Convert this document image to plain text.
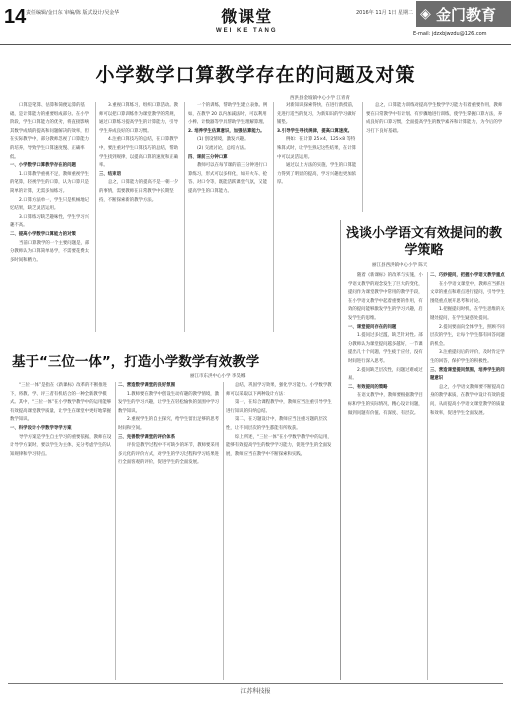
14 责任编辑/金日东 审编/陈 版式设计/吴金华	微课堂
WEI KE TANG
2016年 11月 1日 星期二 ◈ 金门教育
E-mail: jdzxbjwzdu@126.com
小学数学口算教学存在的问题及对策
西洪县金坡镇中心小学 江青青

口算是笔算、估算和简便运算的基础，是计算能力的重要组成部分。在小学阶段，学生口算能力的优劣，将直接影响其数学成绩的提高和问题解决的效率，但在实际教学中，部分教师忽视了口算能力的培养，导致学生口算速度慢、正确率低。

一、小学数学口算教学存在的问题

1.口算教学重视不足，教师重视学生的笔算，轻视学生的口算，认为口算只是简单的计算，无需多加练习。

2.口算方法单一，学生只是机械地记忆结果，缺乏灵活运用。

3.口算练习缺乏趣味性，学生学习兴趣不高。

二、提高小学数学口算能力的对策

当前口算教学的一个主要问题是，部分教师认为口算简单易学，不需要花费太多时间和精力。

3.重视口算练习，组织口算活动。教师可以把口算训练作为课堂教学的常规，通过口算练习提高学生的计算能力，引导学生养成良好的口算习惯。

4.注重口算技巧的总结，在口算教学中，要注重对学生口算技巧的总结，帮助学生找到规律，以提高口算的速度和正确率。

三、结束语

总之，口算能力的提高不是一朝一夕的事情，需要教师在日常教学中长期坚持，不断探索新的教学方法。

一个的训练，帮助学生建立表象。例如，在教学 20 以内加减法时，可以利用小棒、计数器等学具帮助学生理解算理。

2. 培养学生估算意识，加强估算能力。

(1) 创设情境，激发兴趣。

(2) 交流讨论，总结方法。

四、课前三分钟口算

教师可以在每节课的前三分钟进行口算练习，形式可以多样化，如开火车、抢答、对口令等，既能活跃课堂气氛，又能提高学生的口算能力。

对新知识探索得快，在进行新授前，先进行适当的复习，为新知识的学习做好铺垫。

3.引导学生寻找规律，提高口算速度。

例如：在计算 25×4、125×8 等特殊算式时，让学生熟记这些结果，在计算中可以灵活运用。

通过以上方法的实施，学生的口算能力得到了明显的提高，学习兴趣也更加浓厚。

总之，口算能力训练对提高学生数学学习能力有着重要作用，教师要在日常教学中有计划、有步骤地进行训练，使学生掌握口算方法，养成良好的口算习惯，全面提高学生的数学素养和计算能力，为今后的学习打下良好基础。

浅谈小学语文有效提问的教学策略
丽江县西洪镇中心小学 陈天

随着《新课标》的改革与实施，小学语文教学的观念发生了巨大的变化，提问作为课堂教学中常用的教学手段，在小学语文教学中起着重要的作用，有效的提问能够激发学生的学习兴趣，启发学生的思维。

一、课堂提问存在的问题

1.提问过多过滥，缺乏针对性。部分教师认为课堂提问越多越好，一节课提出几十个问题，学生疲于应付，没有时间进行深入思考。

2.提问缺乏层次性，问题过难或过易。

二、有效提问的策略

在语文教学中，教师要根据教学目标和学生的实际情况，精心设计问题，做到问题有价值、有深度、有层次。

二、巧妙提问，把握小学语文教学重点

在小学语文课堂中，教师应当抓住文章的重点和难点进行提问，引导学生围绕重点展开思考和讨论。

1.把握提问时机，在学生思维的关键处提问，在学生疑惑处提问。

2.提问要面向全体学生，照顾不同层次的学生，让每个学生都有回答问题的机会。

3.注重提问后的评价，及时肯定学生的回答，保护学生的积极性。

三、营造课堂提问氛围，培养学生的问题意识

总之，小学语文教师要不断提高自身的教学素质，在教学中设计有效的提问，从而提高小学语文课堂教学的质量和效率，促进学生全面发展。

基于“三位一体”，打造小学数学有效教学
丽江市东洪中心小学 李昊娜

“三位一体”是指在《新课标》改革的不断推进下，将教、学、评三者有机结合的一种全新教学模式。其中，“三位一体”在小学数学教学中的运用能够有效提高课堂教学质量，让学生在课堂中更好地掌握数学知识。

一、科学设计小学数学导学方案

导学方案是学生自主学习的重要依据，教师在设计导学方案时，要以学生为主体，充分考虑学生的认知规律和学习特点。

二、营造数学课堂的良好氛围

1.教师要在教学中创设生动有趣的教学情境，激发学生的学习兴趣，让学生在轻松愉快的氛围中学习数学知识。

2.重视学生的自主探究，给学生留出足够的思考时间和空间。

三、完善数学课堂的评价体系

评价是教学过程中不可缺少的环节，教师要采用多元化的评价方式，对学生的学习过程和学习结果进行全面客观的评价，促进学生的全面发展。

总结，巩固学习效果，强化学习能力。小学数学教师可以采取以下两种设计方法：

第一，在综合课程教学中，教师应当注重引导学生进行知识的归纳总结。

第二，在习题设计中，教师应当注重习题的层次性，让不同层次的学生都能有所收获。

综上所述，“三位一体”在小学数学教学中的运用，能够有效提高学生的数学学习能力，促进学生的全面发展，教师应当在教学中不断探索和实践。

江苏科技报
